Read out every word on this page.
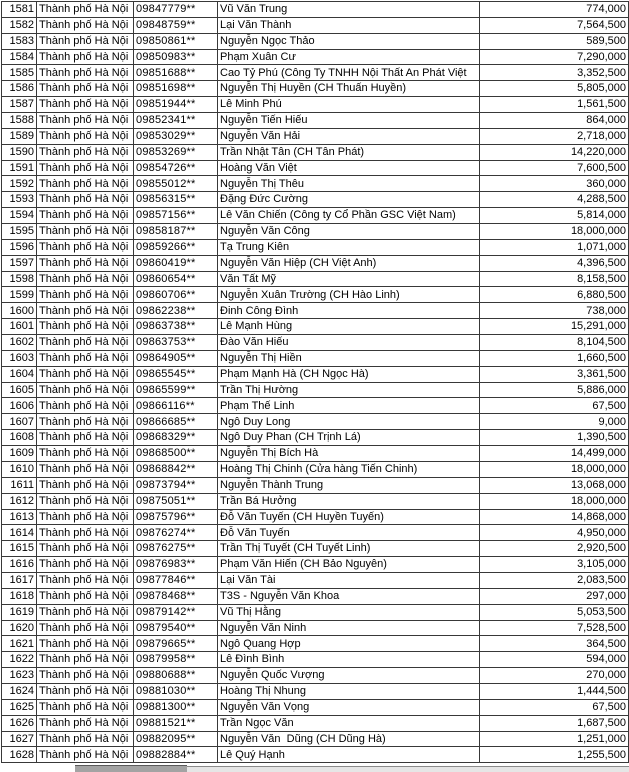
1581	Thành phố Hà Nội	09847779**	Vũ Văn Trung	774,000
1582	Thành phố Hà Nội	09848759**	Lại Văn Thành	7,564,500
1583	Thành phố Hà Nội	09850861**	Nguyễn Ngọc Thảo	589,500
1584	Thành phố Hà Nội	09850983**	Phạm Xuân Cư	7,290,000
1585	Thành phố Hà Nội	09851688**	Cao Tỷ Phú (Công Ty TNHH Nội Thất An Phát Việt	3,352,500
1586	Thành phố Hà Nội	09851698**	Nguyễn Thị Huyền (CH Thuấn Huyền)	5,805,000
1587	Thành phố Hà Nội	09851944**	Lê Minh Phú	1,561,500
1588	Thành phố Hà Nội	09852341**	Nguyễn Tiến Hiếu	864,000
1589	Thành phố Hà Nội	09853029**	Nguyễn Văn Hải	2,718,000
1590	Thành phố Hà Nội	09853269**	Trần Nhật Tân (CH Tân Phát)	14,220,000
1591	Thành phố Hà Nội	09854726**	Hoàng Văn Việt	7,600,500
1592	Thành phố Hà Nội	09855012**	Nguyễn Thị Thêu	360,000
1593	Thành phố Hà Nội	09856315**	Đặng Đức Cường	4,288,500
1594	Thành phố Hà Nội	09857156**	Lê Văn Chiến (Công ty Cổ Phần GSC Việt Nam)	5,814,000
1595	Thành phố Hà Nội	09858187**	Nguyễn Văn Công	18,000,000
1596	Thành phố Hà Nội	09859266**	Tạ Trung Kiên	1,071,000
1597	Thành phố Hà Nội	09860419**	Nguyễn Văn Hiệp (CH Việt Anh)	4,396,500
1598	Thành phố Hà Nội	09860654**	Văn Tất Mỹ	8,158,500
1599	Thành phố Hà Nội	09860706**	Nguyễn Xuân Trường (CH Hào Linh)	6,880,500
1600	Thành phố Hà Nội	09862238**	Đinh Công Đình	738,000
1601	Thành phố Hà Nội	09863738**	Lê Mạnh Hùng	15,291,000
1602	Thành phố Hà Nội	09863753**	Đào Văn Hiếu	8,104,500
1603	Thành phố Hà Nội	09864905**	Nguyễn Thị Hiền	1,660,500
1604	Thành phố Hà Nội	09865545**	Phạm Mạnh Hà (CH Ngọc Hà)	3,361,500
1605	Thành phố Hà Nội	09865599**	Trần Thị Hường	5,886,000
1606	Thành phố Hà Nội	09866116**	Phạm Thế Linh	67,500
1607	Thành phố Hà Nội	09866685**	Ngô Duy Long	9,000
1608	Thành phố Hà Nội	09868329**	Ngô Duy Phan (CH Trịnh Lá)	1,390,500
1609	Thành phố Hà Nội	09868500**	Nguyễn Thị Bích Hà	14,499,000
1610	Thành phố Hà Nội	09868842**	Hoàng Thị Chinh (Cửa hàng Tiến Chinh)	18,000,000
1611	Thành phố Hà Nội	09873794**	Nguyễn Thành Trung	13,068,000
1612	Thành phố Hà Nội	09875051**	Trần Bá Hưởng	18,000,000
1613	Thành phố Hà Nội	09875796**	Đỗ Văn Tuyến (CH Huyền Tuyến)	14,868,000
1614	Thành phố Hà Nội	09876274**	Đỗ Văn Tuyến	4,950,000
1615	Thành phố Hà Nội	09876275**	Trần Thị Tuyết (CH Tuyết Linh)	2,920,500
1616	Thành phố Hà Nội	09876983**	Phạm Văn Hiến (CH Bảo Nguyên)	3,105,000
1617	Thành phố Hà Nội	09877846**	Lại Văn Tài	2,083,500
1618	Thành phố Hà Nội	09878468**	T3S - Nguyễn Văn Khoa	297,000
1619	Thành phố Hà Nội	09879142**	Vũ Thị Hằng	5,053,500
1620	Thành phố Hà Nội	09879540**	Nguyễn Văn Ninh	7,528,500
1621	Thành phố Hà Nội	09879665**	Ngô Quang Hợp	364,500
1622	Thành phố Hà Nội	09879958**	Lê Đình Bình	594,000
1623	Thành phố Hà Nội	09880688**	Nguyễn Quốc Vượng	270,000
1624	Thành phố Hà Nội	09881030**	Hoàng Thị Nhung	1,444,500
1625	Thành phố Hà Nội	09881300**	Nguyễn Văn Vọng	67,500
1626	Thành phố Hà Nội	09881521**	Trần Ngọc Văn	1,687,500
1627	Thành phố Hà Nội	09882095**	Nguyễn Văn  Dũng (CH Dũng Hà)	1,251,000
1628	Thành phố Hà Nội	09882884**	Lê Quý Hạnh	1,255,500
